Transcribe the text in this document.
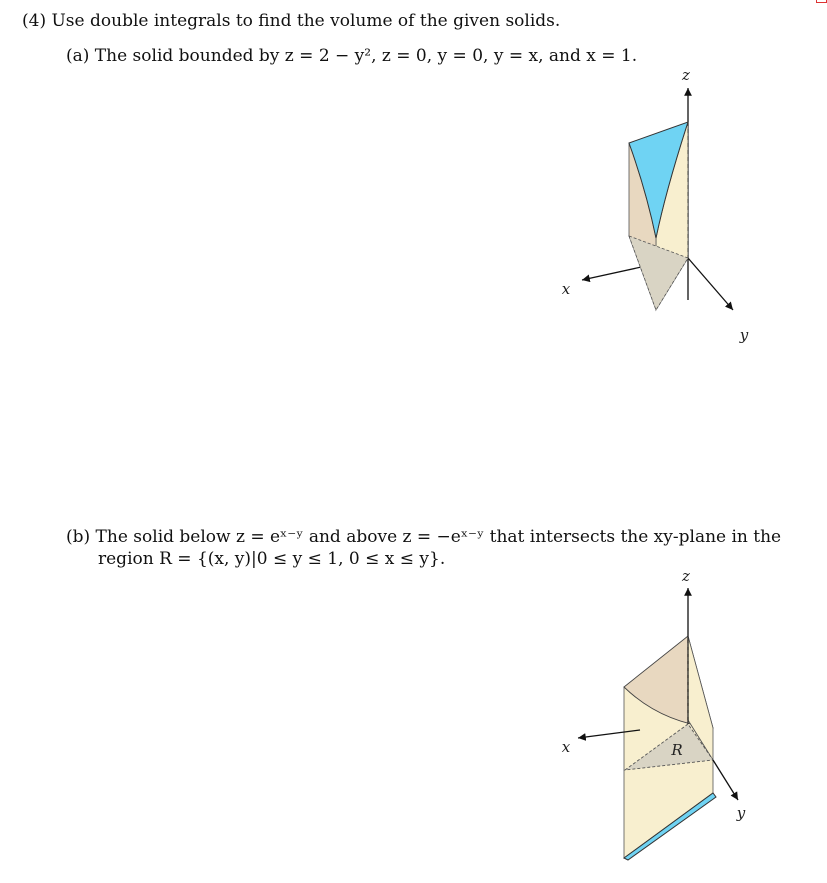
(4) Use double integrals to find the volume of the given solids.
(a) The solid bounded by z = 2 − y², z = 0, y = 0, y = x, and x = 1.
(b) The solid below z = eˣ⁻ʸ and above z = −eˣ⁻ʸ that intersects the xy-plane in the
region R = {(x, y)|0 ≤ y ≤ 1, 0 ≤ x ≤ y}.
z
x
y
z
x
y
R
